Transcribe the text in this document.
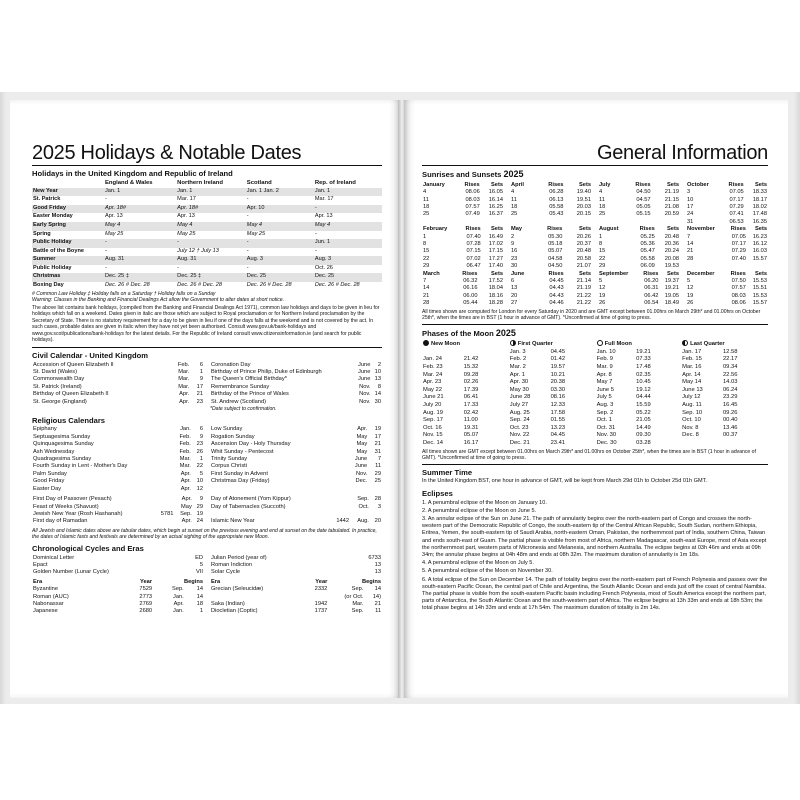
2025 Holidays & Notable Dates
Holidays in the United Kingdom and Republic of Ireland
	England & Wales	Northern Ireland	Scotland	Rep. of Ireland
New Year	Jan. 1	Jan. 1	Jan. 1 Jan. 2	Jan. 1
St. Patrick	-	Mar. 17	-	Mar. 17
Good Friday	Apr. 18#	Apr. 18#	Apr. 10	-
Easter Monday	Apr. 13	Apr. 13	-	Apr. 13
Early Spring	May 4	May 4	May 4	May 4
Spring	May 25	May 25	May 25	-
Public Holiday	-	-	-	Jun. 1
Battle of the Boyne	-	July 12 † July 13	-	-
Summer	Aug. 31	Aug. 31	Aug. 3	Aug. 3
Public Holiday	-	-	-	Oct. 26
Christmas	Dec. 25 ‡	Dec. 25 ‡	Dec. 25	Dec. 25
Boxing Day	Dec. 26 # Dec. 28	Dec. 26 # Dec. 28	Dec. 26 # Dec. 28	Dec. 26 # Dec. 28
# Common Law Holiday ‡ Holiday falls on a Saturday † Holiday falls on a Sunday
Warning: Clauses in the Banking and Financial Dealings Act allow the Government to alter dates at short notice.
The above list contains bank holidays, (compiled from the Banking and Financial Dealings Act 1971), common law holidays and days to be given in lieu for holidays which fall on a weekend. Dates given in italic are those which are subject to Royal proclamation or for Northern Ireland proclamation by the Secretary of State. There is no statutory requirement for a day to be given in lieu if one of the days falls at the weekend and is not covered by the act. In such cases, probable dates are given in italic when they have not yet been authorised. Consult www.gov.uk/bank-holidays and www.gov.scot/publications/bank-holidays for the latest details. For the Republic of Ireland consult www.citizensinformation.ie (and search for public holidays).
Civil Calendar - United Kingdom
Accession of Queen Elizabeth II	Feb.	6
St. David (Wales)	Mar.	1
Commonwealth Day	Mar.	9
St. Patrick (Ireland)	Mar.	17
Birthday of Queen Elizabeth II	Apr.	21
St. George (England)	Apr.	23
Coronation Day	June	2
Birthday of Prince Philip, Duke of Edinburgh	June	10
The Queen's Official Birthday*	June	13
Remembrance Sunday	Nov.	8
Birthday of the Prince of Wales	Nov.	14
St. Andrew (Scotland)	Nov.	30
*Date subject to confirmation.
Religious Calendars
Epiphany	Jan.	6
Septuagesima Sunday	Feb.	9
Quinquagesima Sunday	Feb.	23
Ash Wednesday	Feb.	26
Quadragesima Sunday	Mar.	1
Fourth Sunday in Lent - Mother's Day	Mar.	22
Palm Sunday	Apr.	5
Good Friday	Apr.	10
Easter Day	Apr.	12
Low Sunday	Apr.	19
Rogation Sunday	May	17
Ascension Day - Holy Thursday	May	21
Whit Sunday - Pentecost	May	31
Trinity Sunday	June	7
Corpus Christi	June	11
First Sunday in Advent	Nov.	29
Christmas Day (Friday)	Dec.	25
First Day of Passover (Pesach)		Apr.	9
Feast of Weeks (Shavuot)		May	29
Jewish New Year (Rosh Hashanah)	5781	Sep.	19
First day of Ramadan		Apr.	24
Day of Atonement (Yom Kippur)		Sep.	28
Day of Tabernacles (Succoth)		Oct.	3

Islamic New Year	1442	Aug.	20
All Jewish and Islamic dates above are tabular dates, which begin at sunset on the previous evening and end at sunset on the date tabulated. In practice, the dates of Islamic fasts and festivals are determined by an actual sighting of the appropriate new Moon.
Chronological Cycles and Eras
Dominical Letter	ED
Epact	5
Golden Number (Lunar Cycle)	VII
Julian Period (year of)	6733
Roman Indiction	13
Solar Cycle	13
Era	Year	Begins	
Byzantine	7529	Sep.	14
Roman (AUC)	2773	Jan.	14
Nabonassar	2769	Apr.	18
Japanese	2680	Jan.	1
Era	Year	Begins	
Grecian (Seleucidæ)	2332	Sep.	14
		(or Oct.	14)
Saka (Indian)	1942	Mar.	21
Diocletian (Coptic)	1737	Sep.	11
General Information
Sunrises and Sunsets 2025
January	Rises	Sets
4	08.06	16.05
11	08.03	16.14
18	07.57	16.25
25	07.49	16.37
April	Rises	Sets
4	06.28	19.40
11	06.13	19.51
18	05.58	20.03
25	05.43	20.15
July	Rises	Sets
4	04.50	21.19
11	04.57	21.15
18	05.05	21.08
25	05.15	20.59
October	Rises	Sets
3	07.05	18.33
10	07.17	18.17
17	07.29	18.02
24	07.41	17.48
31	06.53	16.35
February	Rises	Sets
1	07.40	16.49
8	07.28	17.02
15	07.15	17.15
22	07.02	17.27
29	06.47	17.40
May	Rises	Sets
2	05.30	20.26
9	05.18	20.37
16	05.07	20.48
23	04.58	20.58
30	04.50	21.07
August	Rises	Sets
1	05.25	20.48
8	05.36	20.36
15	05.47	20.24
22	05.58	20.08
29	06.09	19.53
November	Rises	Sets
7	07.05	16.23
14	07.17	16.12
21	07.29	16.03
28	07.40	15.57
March	Rises	Sets
7	06.32	17.52
14	06.16	18.04
21	06.00	18.16
28	05.44	18.28
June	Rises	Sets
6	04.45	21.14
13	04.43	21.19
20	04.43	21.22
27	04.46	21.22
September	Rises	Sets
5	06.20	19.37
12	06.31	19.21
19	06.42	19.05
26	06.54	18.49
December	Rises	Sets
5	07.50	15.53
12	07.57	15.51
19	08.03	15.53
26	08.06	15.57
All times shown are computed for London for every Saturday in 2020 and are GMT except between 01.00hrs on March 29th* and 01.00hrs on October 25th*, when the times are in BST (1 hour in advance of GMT). *Unconfirmed at time of going to press.
Phases of the Moon 2025
New Moon		First Quarter		Full Moon		Last Quarter	
		Jan. 3	04.45	Jan. 10	19.21	Jan. 17	12.58
Jan. 24	21.42	Feb. 2	01.42	Feb. 9	07.33	Feb. 15	22.17
Feb. 23	15.32	Mar. 2	19.57	Mar. 9	17.48	Mar. 16	09.34
Mar. 24	09.28	Apr. 1	10.21	Apr. 8	02.35	Apr. 14	22.56
Apr. 23	02.26	Apr. 30	20.38	May 7	10.45	May 14	14.03
May 22	17.39	May 30	03.30	June 5	19.12	June 13	06.24
June 21	06.41	June 28	08.16	July 5	04.44	July 12	23.29
July 20	17.33	July 27	12.33	Aug. 3	15.59	Aug. 11	16.45
Aug. 19	02.42	Aug. 25	17.58	Sep. 2	05.22	Sep. 10	09.26
Sep. 17	11.00	Sep. 24	01.55	Oct. 1	21.05	Oct. 10	00.40
Oct. 16	19.31	Oct. 23	13.23	Oct. 31	14.49	Nov. 8	13.46
Nov. 15	05.07	Nov. 22	04.45	Nov. 30	09.30	Dec. 8	00.37
Dec. 14	16.17	Dec. 21	23.41	Dec. 30	03.28		
All times shown are GMT except between 01.00hrs on March 29th* and 01.00hrs on October 25th*, when the times are in BST (1 hour in advance of GMT). *Unconfirmed at time of going to press.
Summer Time

In the United Kingdom BST, one hour in advance of GMT, will be kept from March 29d 01h to October 25d 01h GMT.

Eclipses

1. A penumbral eclipse of the Moon on January 10.

2. A penumbral eclipse of the Moon on June 5.

3. An annular eclipse of the Sun on June 21. The path of annularity begins over the north-eastern part of Congo and crosses the north-western part of the Democratic Republic of Congo, the south-eastern tip of the Central African Republic, South Sudan, northern Ethiopia, Eritrea, Yemen, the south-eastern tip of Saudi Arabia, north-eastern Oman, Pakistan, the northernmost part of India, southern China, Taiwan and ends south-east of Guam. The partial phase is visible from most of Africa, northern Madagascar, south-east Europe, most of Asia except the northernmost part, western parts of Micronesia and Melanesia, and northern Australia. The eclipse begins at 03h 46m and ends at 09h 34m; the annular phase begins at 04h 48m and ends at 08h 32m. The maximum duration of annularity is 1m 18s.

4. A penumbral eclipse of the Moon on July 5.

5. A penumbral eclipse of the Moon on November 30.

6. A total eclipse of the Sun on December 14. The path of totality begins over the north-eastern part of French Polynesia and passes over the south-eastern Pacific Ocean, the central part of Chile and Argentina, the South Atlantic Ocean and ends just off the coast of central Namibia. The partial phase is visible from the south-eastern Pacific basin including French Polynesia, most of South America except the northern part, parts of Antarctica, the South Atlantic Ocean and the south-western part of Africa. The eclipse begins at 13h 33m and ends at 18h 53m; the total phase begins at 14h 33m and ends at 17h 54m. The maximum duration of totality is 2m 14s.
